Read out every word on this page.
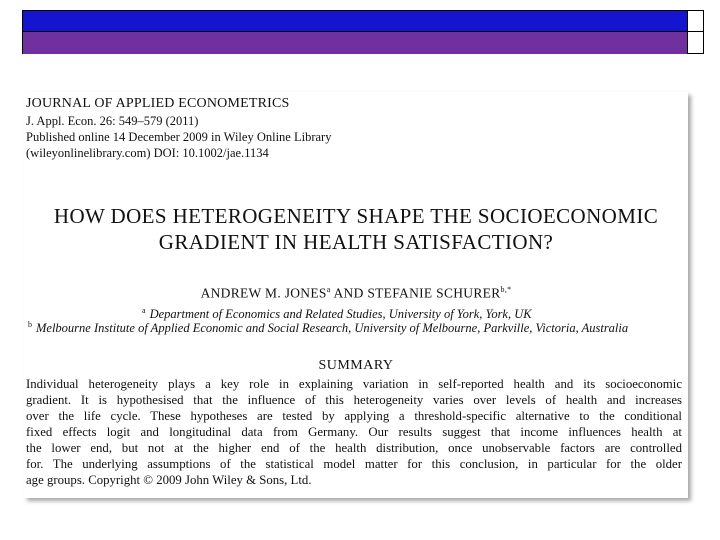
Part 1: Introduction [36/39]
JOURNAL OF APPLIED ECONOMETRICS
J. Appl. Econ. 26: 549–579 (2011)
Published online 14 December 2009 in Wiley Online Library
(wileyonlinelibrary.com) DOI: 10.1002/jae.1134
HOW DOES HETEROGENEITY SHAPE THE SOCIOECONOMIC
GRADIENT IN HEALTH SATISFACTION?
ANDREW M. JONES$^a$ AND STEFANIE $SCHURER^{b,*}$
$^a$ Department of Economics and Related Studies, University of York, York, UK
$^b$ Melbourne Institute of Applied Economic and Social Research, University of Melbourne, Parkville, Victoria, Australia
SUMMARY
Individual heterogeneity plays a key role in explaining variation in self-reported health and its socioeconomic
gradient. It is hypothesised that the influence of this heterogeneity varies over levels of health and increases
over the life cycle. These hypotheses are tested by applying a threshold-specific alternative to the conditional
fixed effects logit and longitudinal data from Germany. Our results suggest that income influences health at
the lower end, but not at the higher end of the health distribution, once unobservable factors are controlled
for. The underlying assumptions of the statistical model matter for this conclusion, in particular for the older
age groups. Copyright © 2009 John Wiley & Sons, Ltd.
